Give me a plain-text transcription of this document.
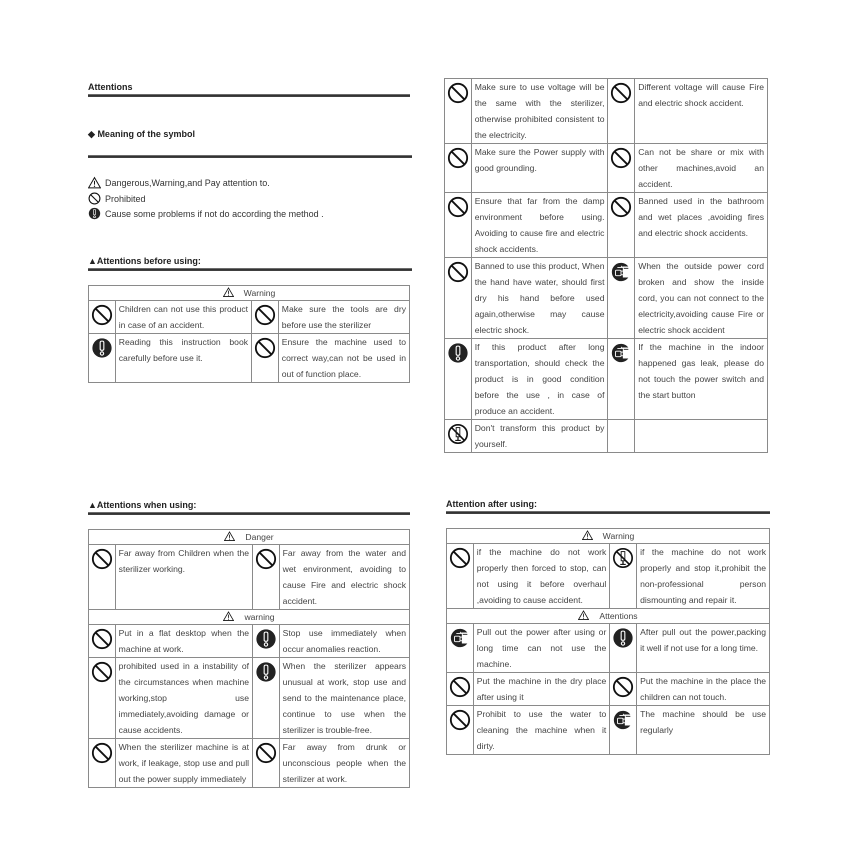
Attentions
◆ Meaning of the symbol
Dangerous,Warning,and Pay attention to.
Prohibited
Cause some problems if not do according the method .
▲Attentions before using:
Warning			

	Children can not use this product in case of an accident.		Make sure the tools are dry before use the sterilizer

	Reading this instruction book carefully before use it.		Ensure the machine used to correct way,can not be used in out of function place.
▲Attentions when using:
Danger			

	Far away from Children when the sterilizer working.		Far away from the water and wet environment, avoiding to cause Fire and electric shock accident.
warning			

	Put in a flat desktop when the machine at work.		Stop use immediately when occur anomalies reaction.

	prohibited used in a instability of the circumstances when machine working,stop use immediately,avoiding damage or cause accidents.		When the sterilizer appears unusual at work, stop use and send to the maintenance place, continue to use when the sterilizer is trouble-free.

	When the sterilizer machine is at work, if leakage, stop use and pull out the power supply immediately		Far away from drunk or unconscious people when the sterilizer at work.
	Make sure to use voltage will be the same with the sterilizer, otherwise prohibited consistent to the electricity.		Different voltage will cause Fire and electric shock accident.

	Make sure the Power supply with good grounding.		Can not be share or mix with other machines,avoid an accident.

	Ensure that far from the damp environment before using. Avoiding to cause fire and electric shock accidents.		Banned used in the bathroom and wet places ,avoiding fires and electric shock accidents.

	Banned to use this product, When the hand have water, should first dry his hand before used again,otherwise may cause electric shock.		When the outside power cord broken and show the inside cord, you can not connect to the electricity,avoiding cause Fire or electric shock accident

	If this product after long transportation, should check the product is in good condition before the use , in case of produce an accident.		If the machine in the indoor happened gas leak, please do not touch the power switch and the start button

	Don't transform this product by yourself.		
Attention after using:
Warning			

	if the machine do not work properly then forced to stop, can not using it before overhaul ,avoiding to cause accident.		if the machine do not work properly and stop it,prohibit the non-professional person dismounting and repair it.
Attentions			

	Pull out the power after using or long time can not use the machine.		After pull out the power,packing it well if not use for a long time.

	Put the machine in the dry place after using it		Put the machine in the place the children can not touch.

	Prohibit to use the water to cleaning the machine when it dirty.		The machine should be use regularly
